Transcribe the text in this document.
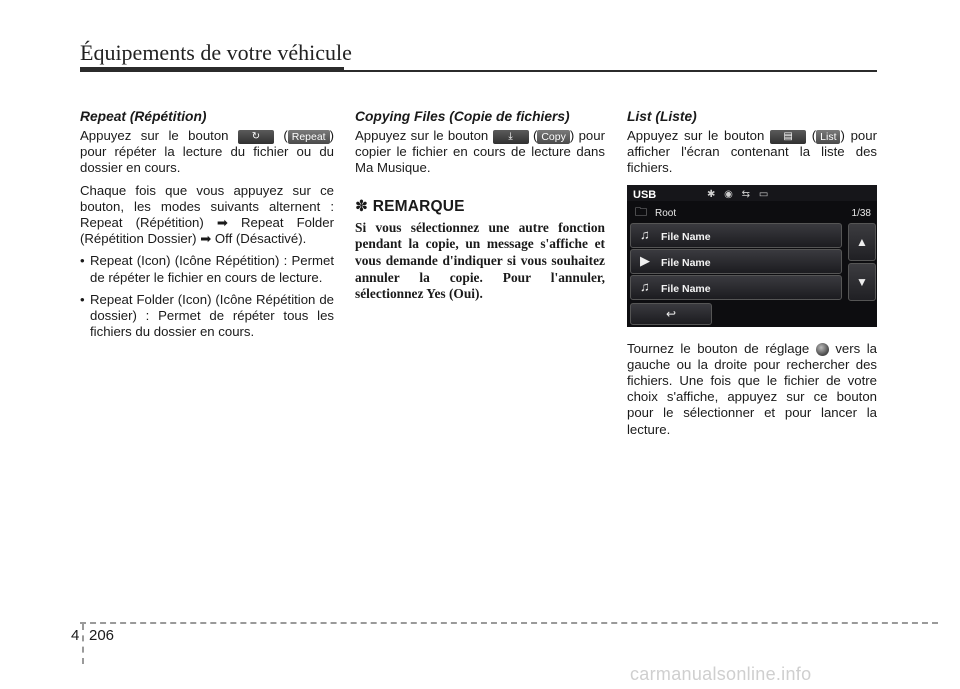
Équipements de votre véhicule
Repeat (Répétition)

Appuyez sur le bouton ↻ ( Repeat ) pour répéter la lecture du fichier ou du dossier en cours.

Chaque fois que vous appuyez sur ce bouton, les modes suivants alternent : Repeat (Répétition) ➡ Repeat Folder (Répétition Dossier) ➡ Off (Désactivé).

• Repeat (Icon) (Icône Répétition) : Permet de répéter le fichier en cours de lecture.
• Repeat Folder (Icon) (Icône Répétition de dossier) : Permet de répéter tous les fichiers du dossier en cours.
Copying Files (Copie de fichiers)

Appuyez sur le bouton ⤓ ( Copy ) pour copier le fichier en cours de lecture dans Ma Musique.

✽ REMARQUE

Si vous sélectionnez une autre fonction pendant la copie, un message s'affiche et vous demande d'indiquer si vous souhaitez annuler la copie. Pour l'annuler, sélectionnez Yes (Oui).

List (Liste)

Appuyez sur le bouton ▤ ( List ) pour afficher l'écran contenant la liste des fichiers.

USB	✱ ◉ ⇆ ▭
🗀 Root	1/38
♫ File Name
▶ File Name
♫ File Name
▲
▼
↩

Tournez le bouton de réglage vers la gauche ou la droite pour rechercher des fichiers. Une fois que le fichier de votre choix s'affiche, appuyez sur ce bouton pour le sélectionner et pour lancer la lecture.

4 206
carmanualsonline.info
